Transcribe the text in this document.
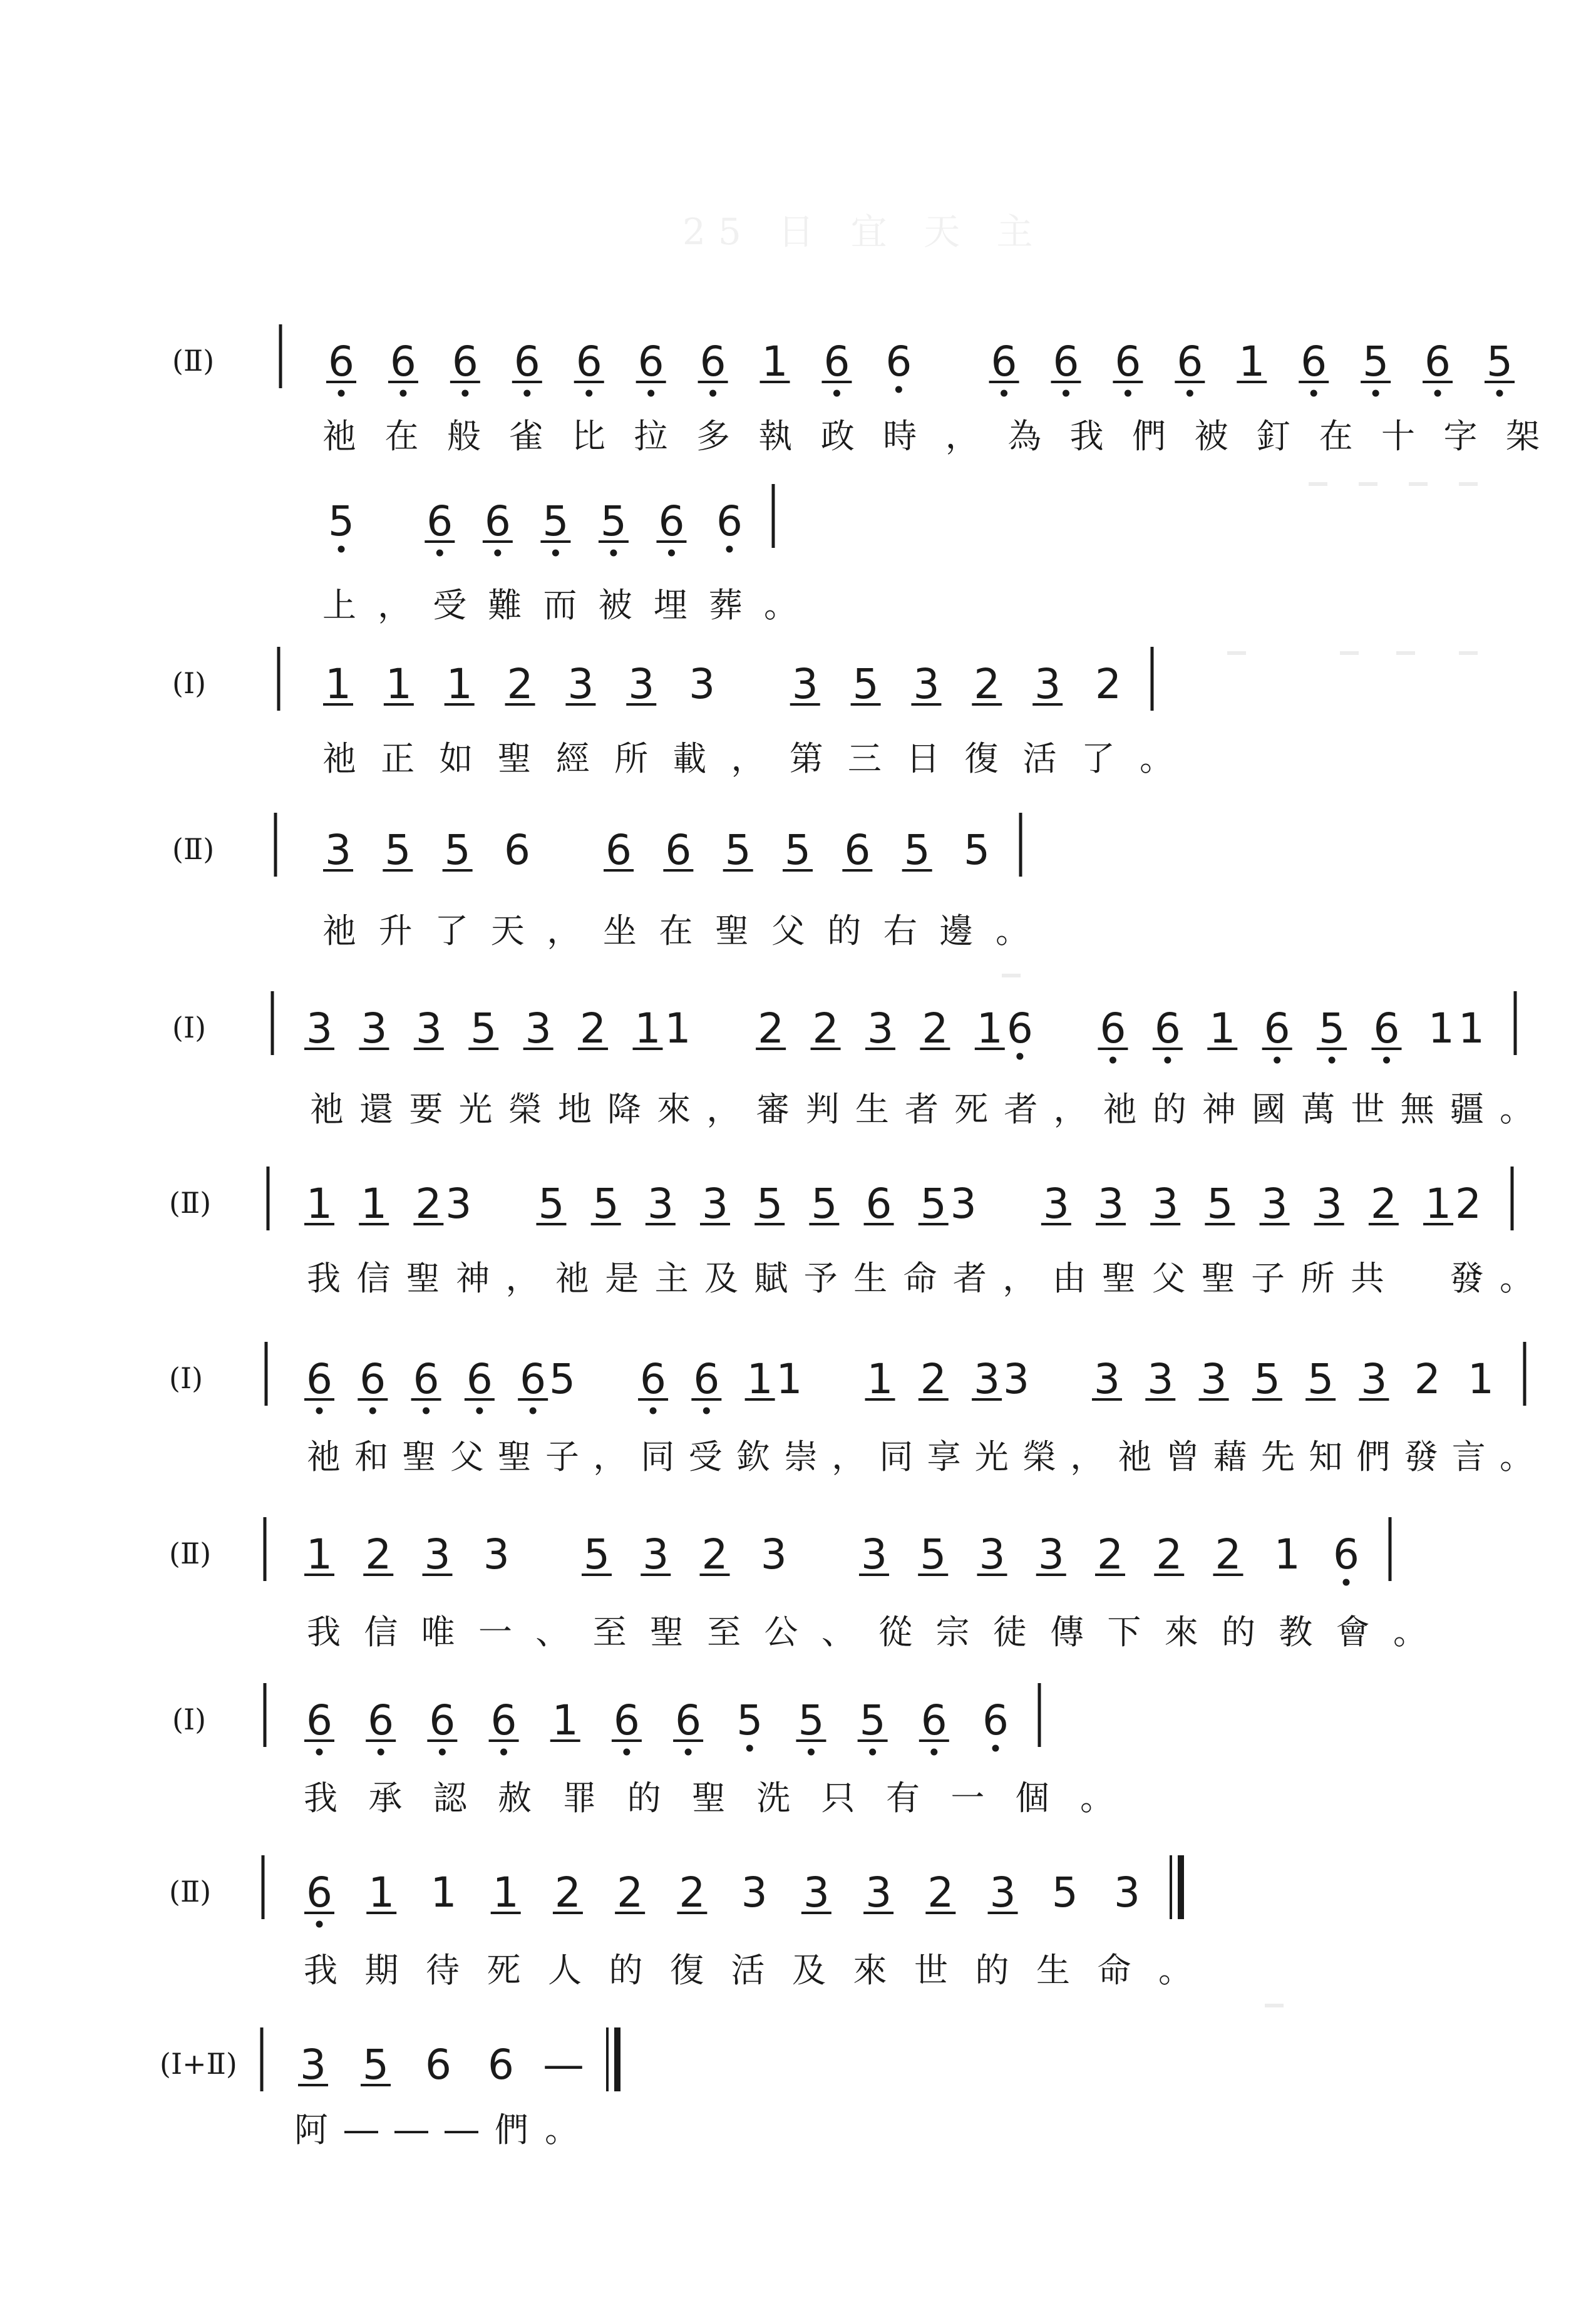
25 日 宜 天 主
(Ⅱ)	6 6 6 6 6 6 6 1 6 6 6 6 6 6 1 6 5 6 5
祂 在 般 雀 比 拉 多 執 政 時 ， 為 我 們 被 釘 在 十 字 架
5 6 6 5 5 6 6
上 ， 受 難 而 被 埋 葬 。
(Ⅰ)	1 1 1 2 3 3 3 3 5 3 2 3 2
祂 正 如 聖 經 所 載 ， 第 三 日 復 活 了 。
(Ⅱ)	3 5 5 6 6 6 5 5 6 5 5
祂 升 了 天 ， 坐 在 聖 父 的 右 邊 。
(Ⅰ) 3 3 3 5 3 2 1 1 2 2 3 2 1 6 6 6 1 6 5 6 1 1
祂 還 要 光 榮 地 降 來 ， 審 判 生 者 死 者 ， 祂 的 神 國 萬 世 無 疆 。
(Ⅱ) 1 1 2 3 5 5 3 3 5 5 6 5 3 3 3 3 5 3 3 2 1 2
我 信 聖 神 ， 祂 是 主 及 賦 予 生 命 者 ， 由 聖 父 聖 子 所 共　 發 。
(Ⅰ) 6 6 6 6 6 5 6 6 1 1 1 2 3 3 3 3 3 5 5 3 2 1
祂 和 聖 父 聖 子 ， 同 受 欽 崇 ， 同 享 光 榮 ， 祂 曾 藉 先 知 們 發 言 。
(Ⅱ) 1 2 3 3 5 3 2 3 3 5 3 3 2 2 2 1 6
我 信 唯 一 、 至 聖 至 公 、 從 宗 徒 傳 下 來 的 教 會 。
(Ⅰ) 6 6 6 6 1 6 6 5 5 5 6 6
我 承 認 赦 罪 的 聖 洗 只 有 一 個 。
(Ⅱ) 6 1 1 1 2 2 2 3 3 3 2 3 5 3
我 期 待 死 人 的 復 活 及 來 世 的 生 命 。
(Ⅰ+Ⅱ) 3 5 6 6 —
阿 ― ― ― 們 。
